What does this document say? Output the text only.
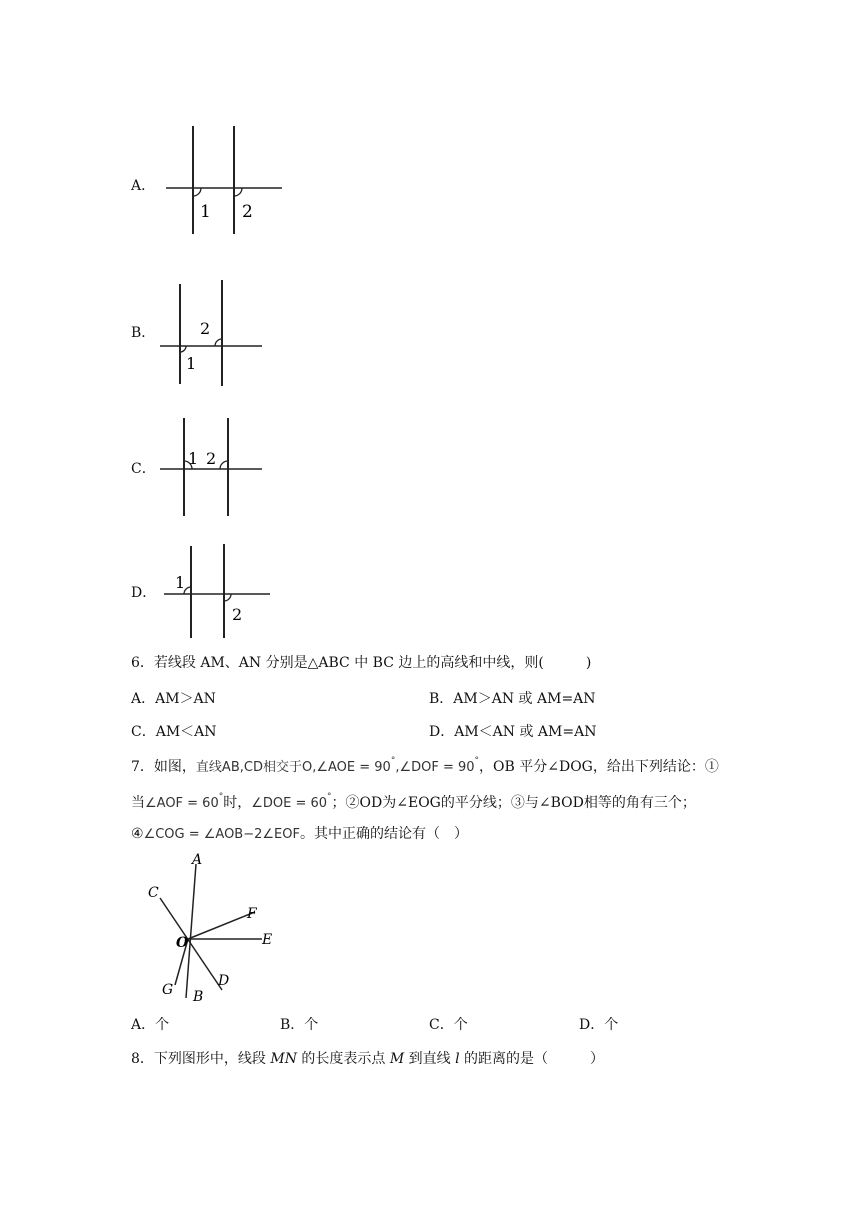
A．
1 2
B．
1
2
C．
1 2
D．
1
2
6．若线段 AM、AN 分别是△ABC 中 BC 边上的高线和中线，则(　　　)
A．AM＞AN	B．AM＞AN 或 AM=AN
C．AM＜AN	D．AM＜AN 或 AM=AN
7．如图，直线AB,CD相交于O,∠AOE = 90°,∠DOF = 90°，OB 平分∠DOG，给出下列结论：①
当∠AOF = 60°时，∠DOE = 60°；②OD为∠EOG的平分线；③与∠BOD相等的角有三个；
④∠COG = ∠AOB−2∠EOF。其中正确的结论有（　）
A
C
F
O	E
D
G B
A．个	B．个	C．个	D．个
8．下列图形中，线段 MN 的长度表示点 M 到直线 l 的距离的是（　　　）
